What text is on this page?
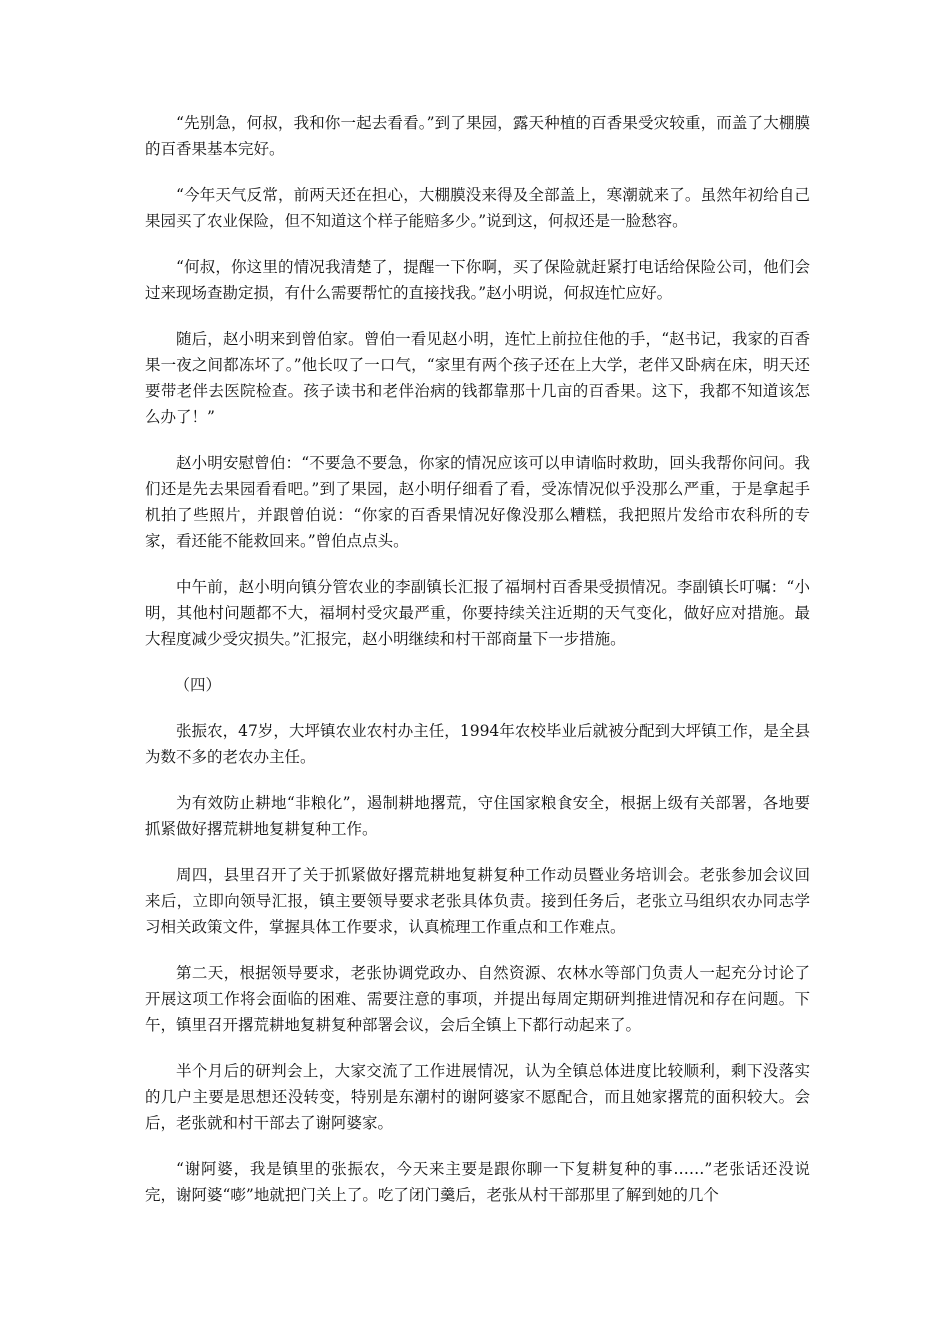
“先别急，何叔，我和你一起去看看。”到了果园，露天种植的百香果受灾较重，而盖了大棚膜的百香果基本完好。

“今年天气反常，前两天还在担心，大棚膜没来得及全部盖上，寒潮就来了。虽然年初给自己果园买了农业保险，但不知道这个样子能赔多少。”说到这，何叔还是一脸愁容。

“何叔，你这里的情况我清楚了，提醒一下你啊，买了保险就赶紧打电话给保险公司，他们会过来现场查勘定损，有什么需要帮忙的直接找我。”赵小明说，何叔连忙应好。

随后，赵小明来到曾伯家。曾伯一看见赵小明，连忙上前拉住他的手，“赵书记，我家的百香果一夜之间都冻坏了。”他长叹了一口气，“家里有两个孩子还在上大学，老伴又卧病在床，明天还要带老伴去医院检查。孩子读书和老伴治病的钱都靠那十几亩的百香果。这下，我都不知道该怎么办了！”

赵小明安慰曾伯：“不要急不要急，你家的情况应该可以申请临时救助，回头我帮你问问。我们还是先去果园看看吧。”到了果园，赵小明仔细看了看，受冻情况似乎没那么严重，于是拿起手机拍了些照片，并跟曾伯说：“你家的百香果情况好像没那么糟糕，我把照片发给市农科所的专家，看还能不能救回来。”曾伯点点头。

中午前，赵小明向镇分管农业的李副镇长汇报了福垌村百香果受损情况。李副镇长叮嘱：“小明，其他村问题都不大，福垌村受灾最严重，你要持续关注近期的天气变化，做好应对措施。最大程度减少受灾损失。”汇报完，赵小明继续和村干部商量下一步措施。

（四）

张振农，47岁，大坪镇农业农村办主任，1994年农校毕业后就被分配到大坪镇工作，是全县为数不多的老农办主任。

为有效防止耕地“非粮化”，遏制耕地撂荒，守住国家粮食安全，根据上级有关部署，各地要抓紧做好撂荒耕地复耕复种工作。

周四，县里召开了关于抓紧做好撂荒耕地复耕复种工作动员暨业务培训会。老张参加会议回来后，立即向领导汇报，镇主要领导要求老张具体负责。接到任务后，老张立马组织农办同志学习相关政策文件，掌握具体工作要求，认真梳理工作重点和工作难点。

第二天，根据领导要求，老张协调党政办、自然资源、农林水等部门负责人一起充分讨论了开展这项工作将会面临的困难、需要注意的事项，并提出每周定期研判推进情况和存在问题。下午，镇里召开撂荒耕地复耕复种部署会议，会后全镇上下都行动起来了。

半个月后的研判会上，大家交流了工作进展情况，认为全镇总体进度比较顺利，剩下没落实的几户主要是思想还没转变，特别是东潮村的谢阿婆家不愿配合，而且她家撂荒的面积较大。会后，老张就和村干部去了谢阿婆家。

“谢阿婆，我是镇里的张振农，今天来主要是跟你聊一下复耕复种的事……”老张话还没说完，谢阿婆“嘭”地就把门关上了。吃了闭门羹后，老张从村干部那里了解到她的几个
